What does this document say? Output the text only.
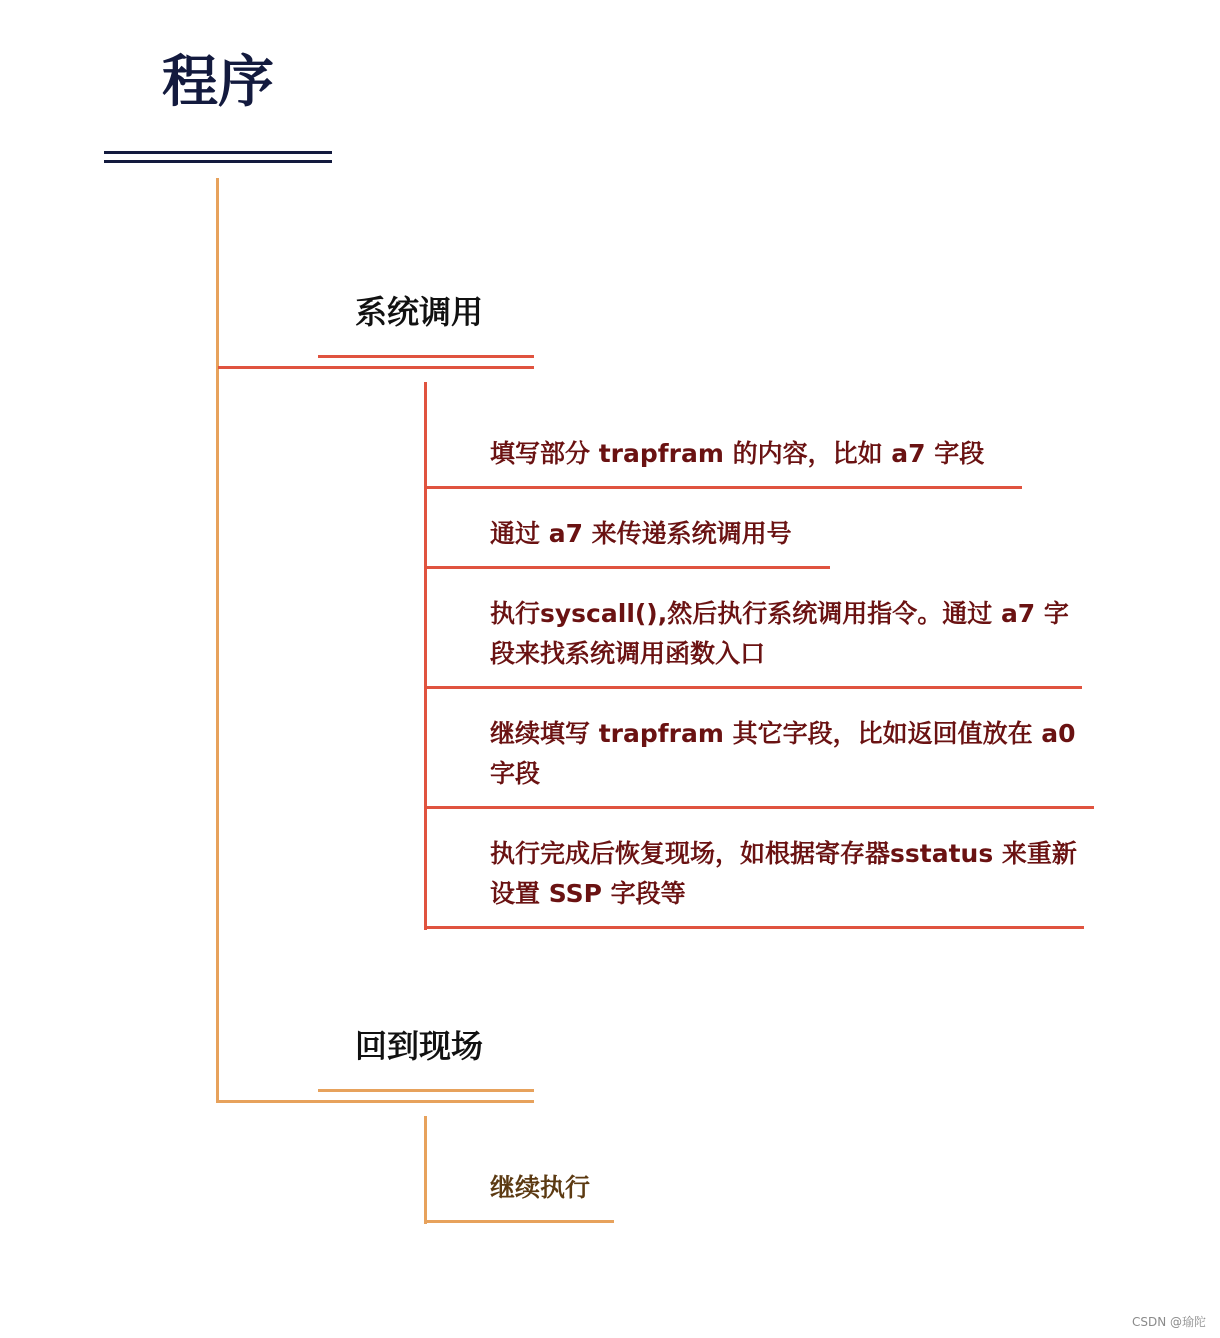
程序
系统调用
填写部分 trapfram 的内容，比如 a7 字段
通过 a7 来传递系统调用号
执行syscall(),然后执行系统调用指令。通过 a7 字段来找系统调用函数入口
继续填写 trapfram 其它字段，比如返回值放在 a0 字段
执行完成后恢复现场，如根据寄存器sstatus 来重新设置 SSP 字段等
回到现场
继续执行
CSDN @瑜陀
